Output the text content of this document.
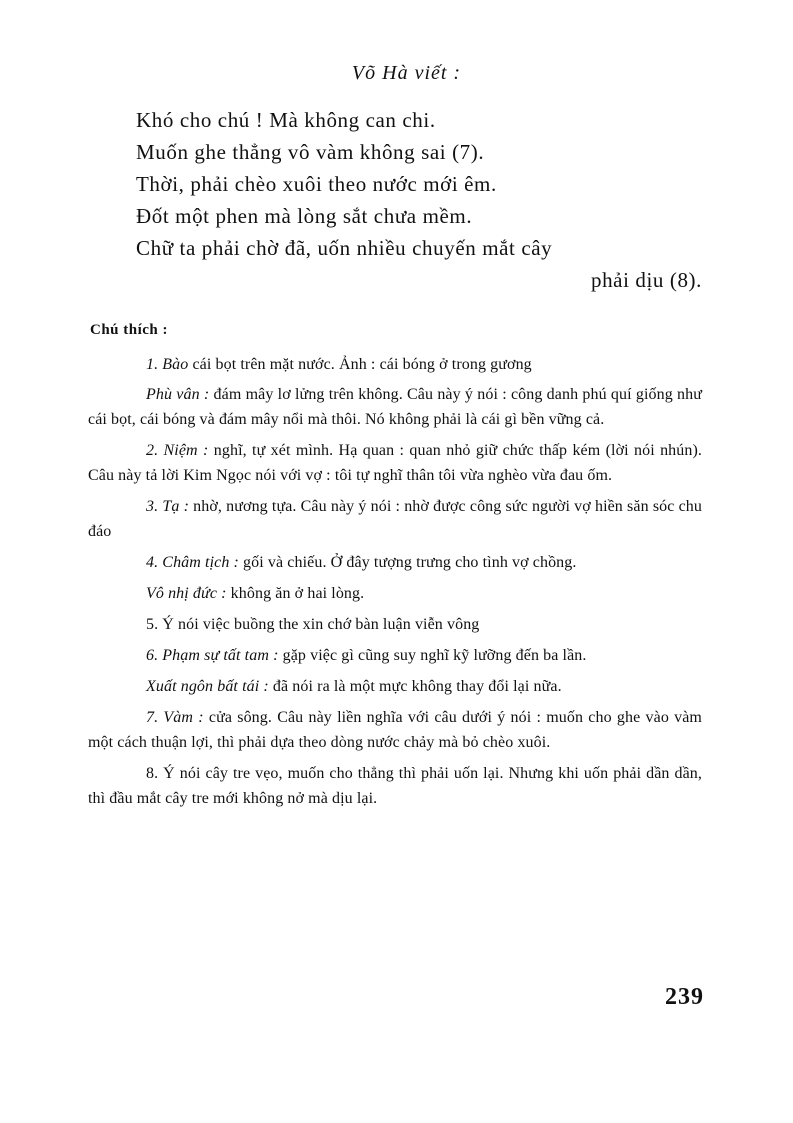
Võ Hà viết :
Khó cho chú ! Mà không can chi.
Muốn ghe thẳng vô vàm không sai (7).
Thời, phải chèo xuôi theo nước mới êm.
Đốt một phen mà lòng sắt chưa mềm.
Chữ ta phải chờ đã, uốn nhiều chuyến mắt cây
phải dịu (8).
Chú thích :

1. Bào cái bọt trên mặt nước. Ảnh : cái bóng ở trong gương

Phù vân : đám mây lơ lửng trên không. Câu này ý nói : công danh phú quí giống như cái bọt, cái bóng và đám mây nổi mà thôi. Nó không phải là cái gì bền vững cả.

2. Niệm : nghĩ, tự xét mình. Hạ quan : quan nhỏ giữ chức thấp kém (lời nói nhún). Câu này tả lời Kim Ngọc nói với vợ : tôi tự nghĩ thân tôi vừa nghèo vừa đau ốm.

3. Tạ : nhờ, nương tựa. Câu này ý nói : nhờ được công sức người vợ hiền săn sóc chu đáo

4. Châm tịch : gối và chiếu. Ở đây tượng trưng cho tình vợ chồng.

Vô nhị đức : không ăn ở hai lòng.

5. Ý nói việc buồng the xin chớ bàn luận viễn vông

6. Phạm sự tất tam : gặp việc gì cũng suy nghĩ kỹ lưỡng đến ba lần.

Xuất ngôn bất tái : đã nói ra là một mực không thay đổi lại nữa.

7. Vàm : cửa sông. Câu này liền nghĩa với câu dưới ý nói : muốn cho ghe vào vàm một cách thuận lợi, thì phải dựa theo dòng nước chảy mà bỏ chèo xuôi.

8. Ý nói cây tre vẹo, muốn cho thẳng thì phải uốn lại. Nhưng khi uốn phải dần dần, thì đầu mắt cây tre mới không nở mà dịu lại.

239
